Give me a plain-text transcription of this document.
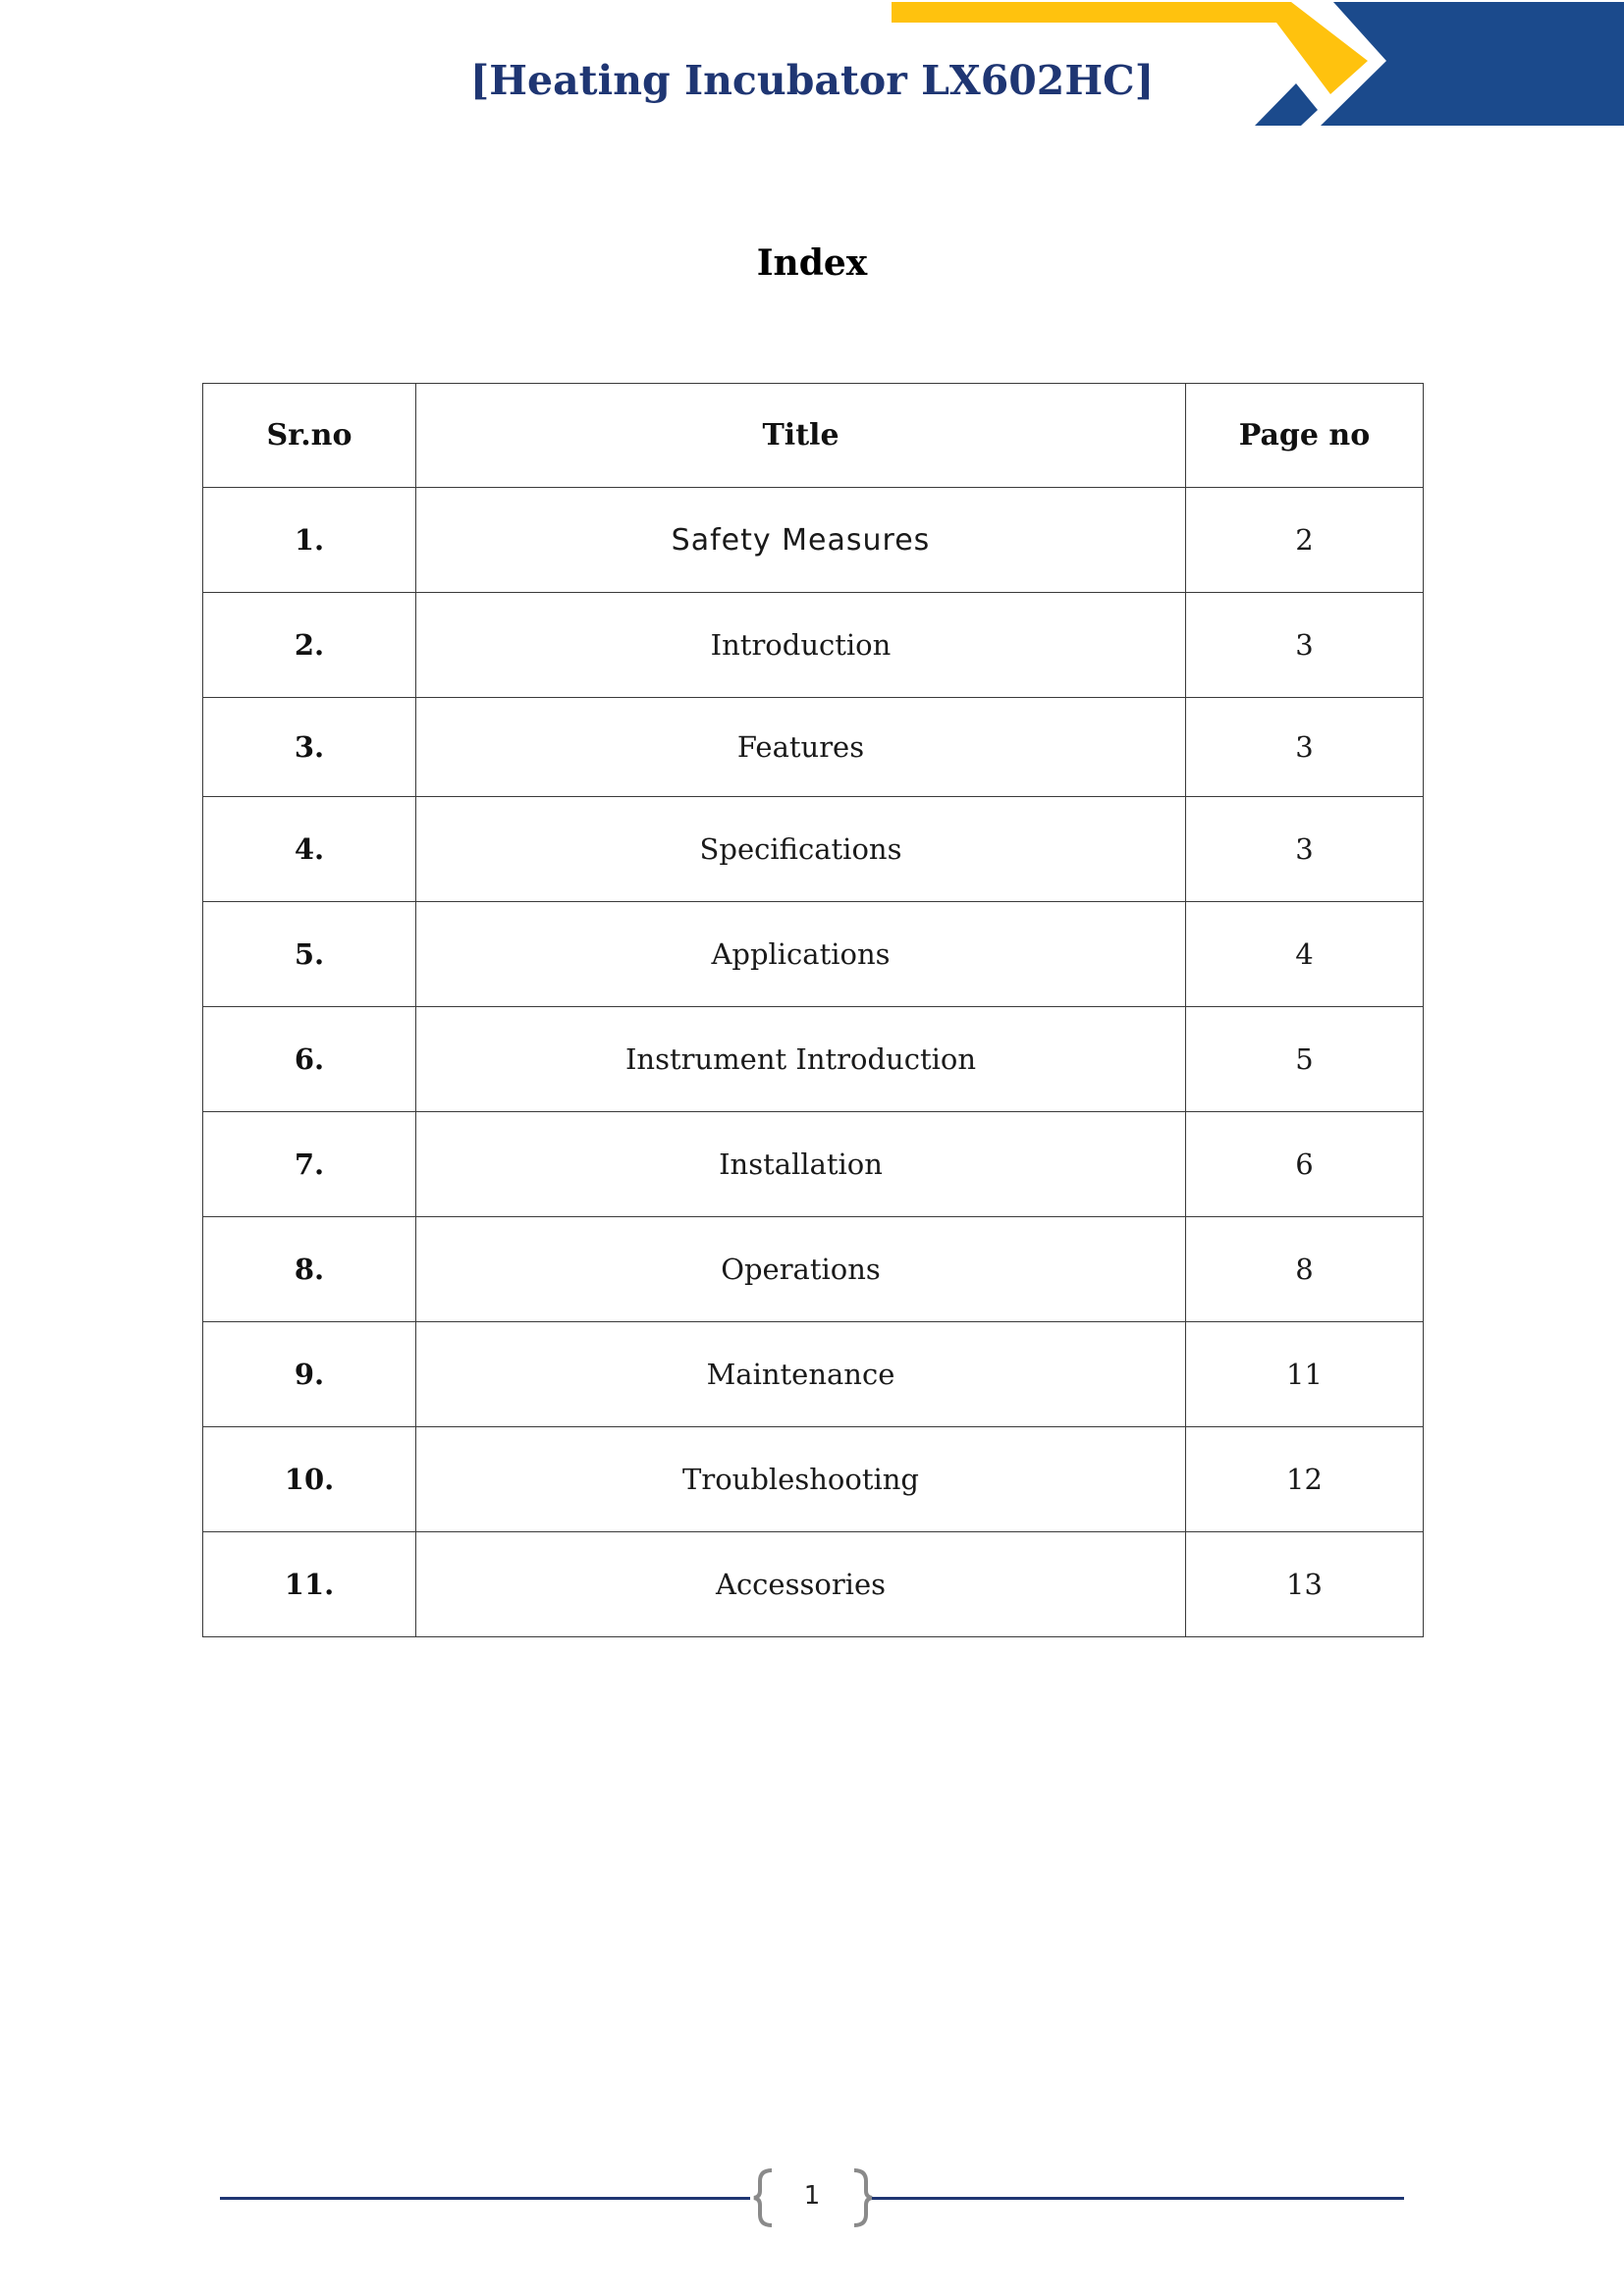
[Heating Incubator LX602HC]
Index
Sr.no	Title	Page no
1.	Safety Measures	2
2.	Introduction	3
3.	Features	3
4.	Specifications	3
5.	Applications	4
6.	Instrument Introduction	5
7.	Installation	6
8.	Operations	8
9.	Maintenance	11
10.	Troubleshooting	12
11.	Accessories	13
1
